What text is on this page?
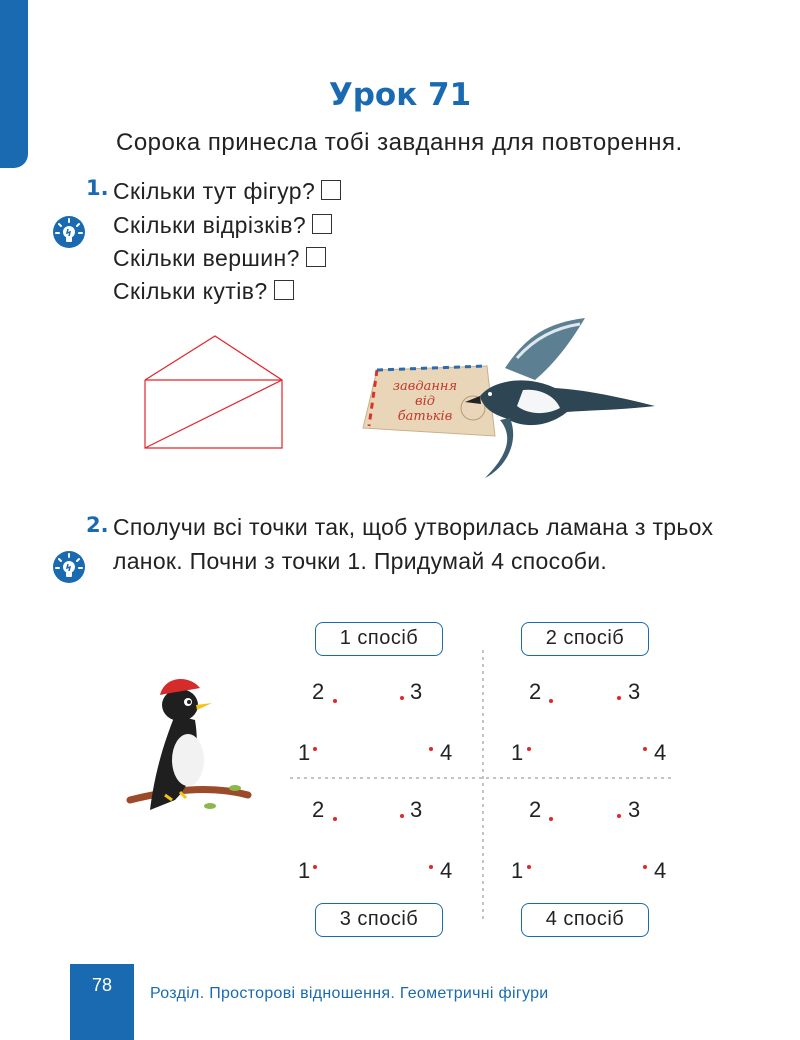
Урок 71
Сорока принесла тобі завдання для повторення.
1. Скільки тут фігур?
Скільки відрізків?
Скільки вершин?
Скільки кутів?
завдання
від
батьків
2. Сполучи всі точки так, щоб утворилась ламана з трьох ланок. Почни з точки 1. Придумай 4 способи.
1 спосіб	2 спосіб
3 спосіб	4 спосіб
2	3
1	4
2	3
1	4
2	3
1	4
2	3
1	4
78	Розділ. Просторові відношення. Геометричні фігури
